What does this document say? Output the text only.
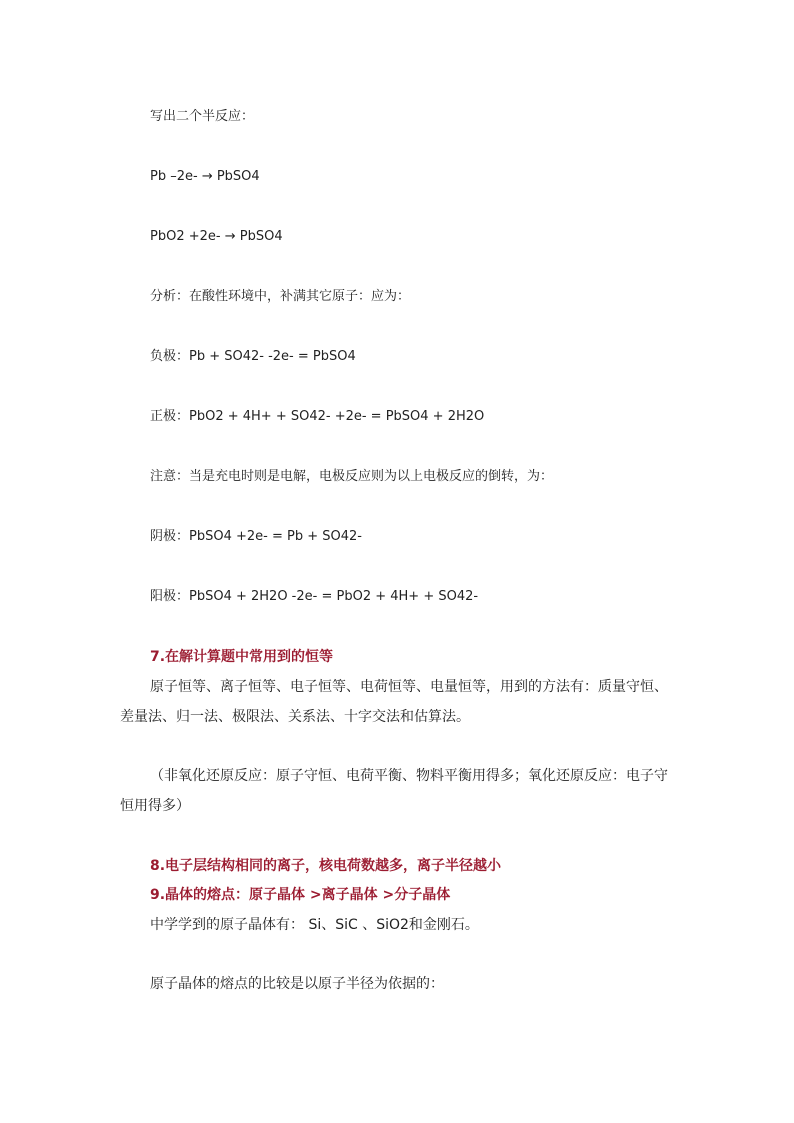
写出二个半反应：
Pb –2e- → PbSO4
PbO2 +2e- → PbSO4
分析：在酸性环境中，补满其它原子：应为：
负极：Pb + SO42- -2e- = PbSO4
正极：PbO2 + 4H+ + SO42- +2e- = PbSO4 + 2H2O
注意：当是充电时则是电解，电极反应则为以上电极反应的倒转，为：
阴极：PbSO4 +2e- = Pb + SO42-
阳极：PbSO4 + 2H2O -2e- = PbO2 + 4H+ + SO42-
7.在解计算题中常用到的恒等
原子恒等、离子恒等、电子恒等、电荷恒等、电量恒等，用到的方法有：质量守恒、差量法、归一法、极限法、关系法、十字交法和估算法。
（非氧化还原反应：原子守恒、电荷平衡、物料平衡用得多；氧化还原反应：电子守恒用得多）
8.电子层结构相同的离子，核电荷数越多，离子半径越小
9.晶体的熔点：原子晶体 >离子晶体 >分子晶体
中学学到的原子晶体有： Si、SiC 、SiO2和金刚石。
原子晶体的熔点的比较是以原子半径为依据的：
